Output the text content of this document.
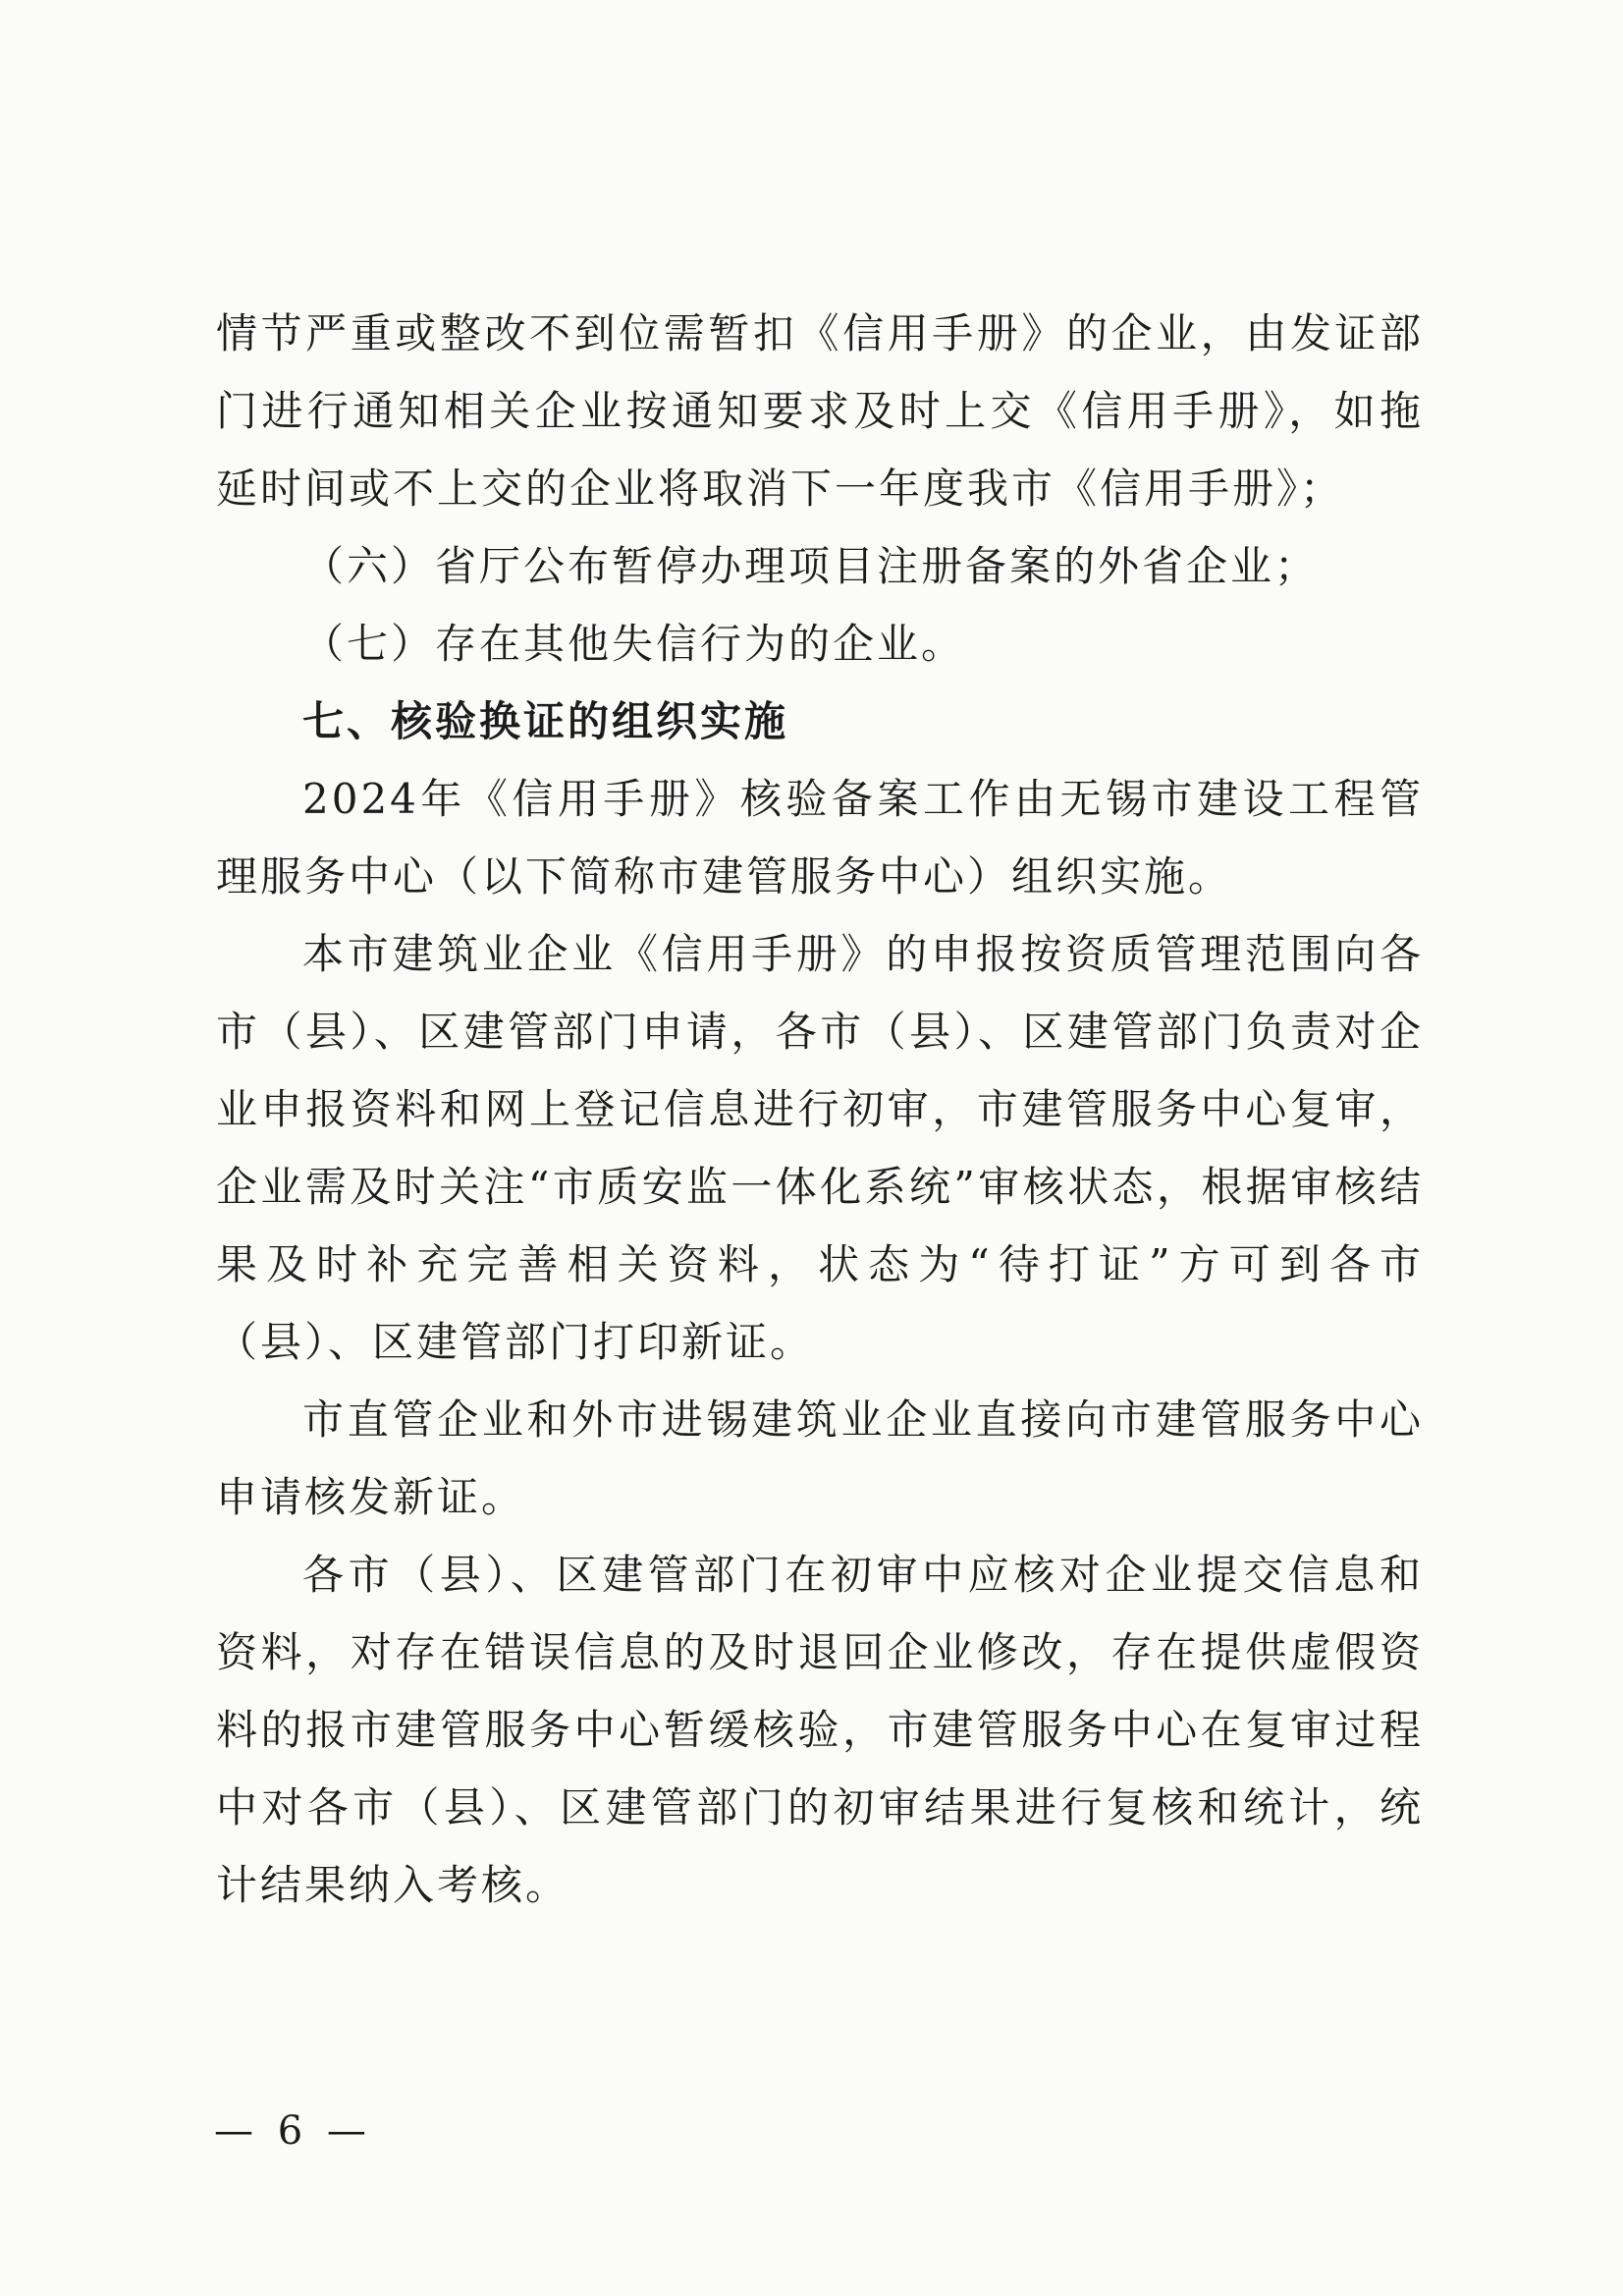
情节严重或整改不到位需暂扣《信用手册》的企业，由发证部门进行通知相关企业按通知要求及时上交《信用手册》，如拖延时间或不上交的企业将取消下一年度我市《信用手册》；

（六）省厅公布暂停办理项目注册备案的外省企业；

（七）存在其他失信行为的企业。

七、核验换证的组织实施

2024年《信用手册》核验备案工作由无锡市建设工程管理服务中心（以下简称市建管服务中心）组织实施。

本市建筑业企业《信用手册》的申报按资质管理范围向各市（县）、区建管部门申请，各市（县）、区建管部门负责对企业申报资料和网上登记信息进行初审，市建管服务中心复审，企业需及时关注“市质安监一体化系统”审核状态，根据审核结果及时补充完善相关资料，状态为“待打证”方可到各市（县）、区建管部门打印新证。

市直管企业和外市进锡建筑业企业直接向市建管服务中心申请核发新证。

各市（县）、区建管部门在初审中应核对企业提交信息和资料，对存在错误信息的及时退回企业修改，存在提供虚假资料的报市建管服务中心暂缓核验，市建管服务中心在复审过程中对各市（县）、区建管部门的初审结果进行复核和统计，统计结果纳入考核。

— 6 —
